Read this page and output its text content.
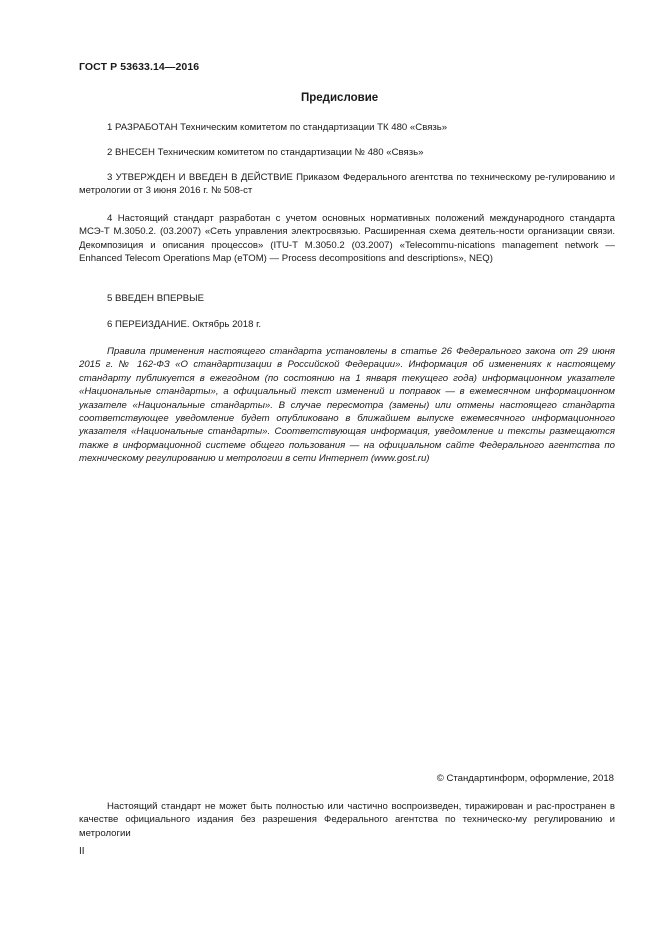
ГОСТ Р 53633.14—2016
Предисловие
1 РАЗРАБОТАН Техническим комитетом по стандартизации ТК 480 «Связь»
2 ВНЕСЕН Техническим комитетом по стандартизации № 480 «Связь»
3 УТВЕРЖДЕН И ВВЕДЕН В ДЕЙСТВИЕ Приказом Федерального агентства по техническому ре-гулированию и метрологии от 3 июня 2016 г. № 508-ст
4 Настоящий стандарт разработан с учетом основных нормативных положений международного стандарта МСЭ-Т М.3050.2. (03.2007) «Сеть управления электросвязью. Расширенная схема деятель-ности организации связи. Декомпозиция и описания процессов» (ITU-T M.3050.2 (03.2007) «Telecommu-nications management network — Enhanced Telecom Operations Map (eTOM) — Process decompositions and descriptions», NEQ)
5 ВВЕДЕН ВПЕРВЫЕ
6 ПЕРЕИЗДАНИЕ. Октябрь 2018 г.
Правила применения настоящего стандарта установлены в статье 26 Федерального закона от 29 июня 2015 г. № 162-ФЗ «О стандартизации в Российской Федерации». Информация об изменениях к настоящему стандарту публикуется в ежегодном (по состоянию на 1 января текущего года) информационном указателе «Национальные стандарты», а официальный текст изменений и поправок — в ежемесячном информационном указателе «Национальные стандарты». В случае пересмотра (замены) или отмены настоящего стандарта соответствующее уведомление будет опубликовано в ближайшем выпуске ежемесячного информационного указателя «Национальные стандарты». Соответствующая информация, уведомление и тексты размещаются также в информационной системе общего пользования — на официальном сайте Федерального агентства по техническому регулированию и метрологии в сети Интернет (www.gost.ru)
© Стандартинформ, оформление, 2018
Настоящий стандарт не может быть полностью или частично воспроизведен, тиражирован и рас-пространен в качестве официального издания без разрешения Федерального агентства по техническо-му регулированию и метрологии
II
